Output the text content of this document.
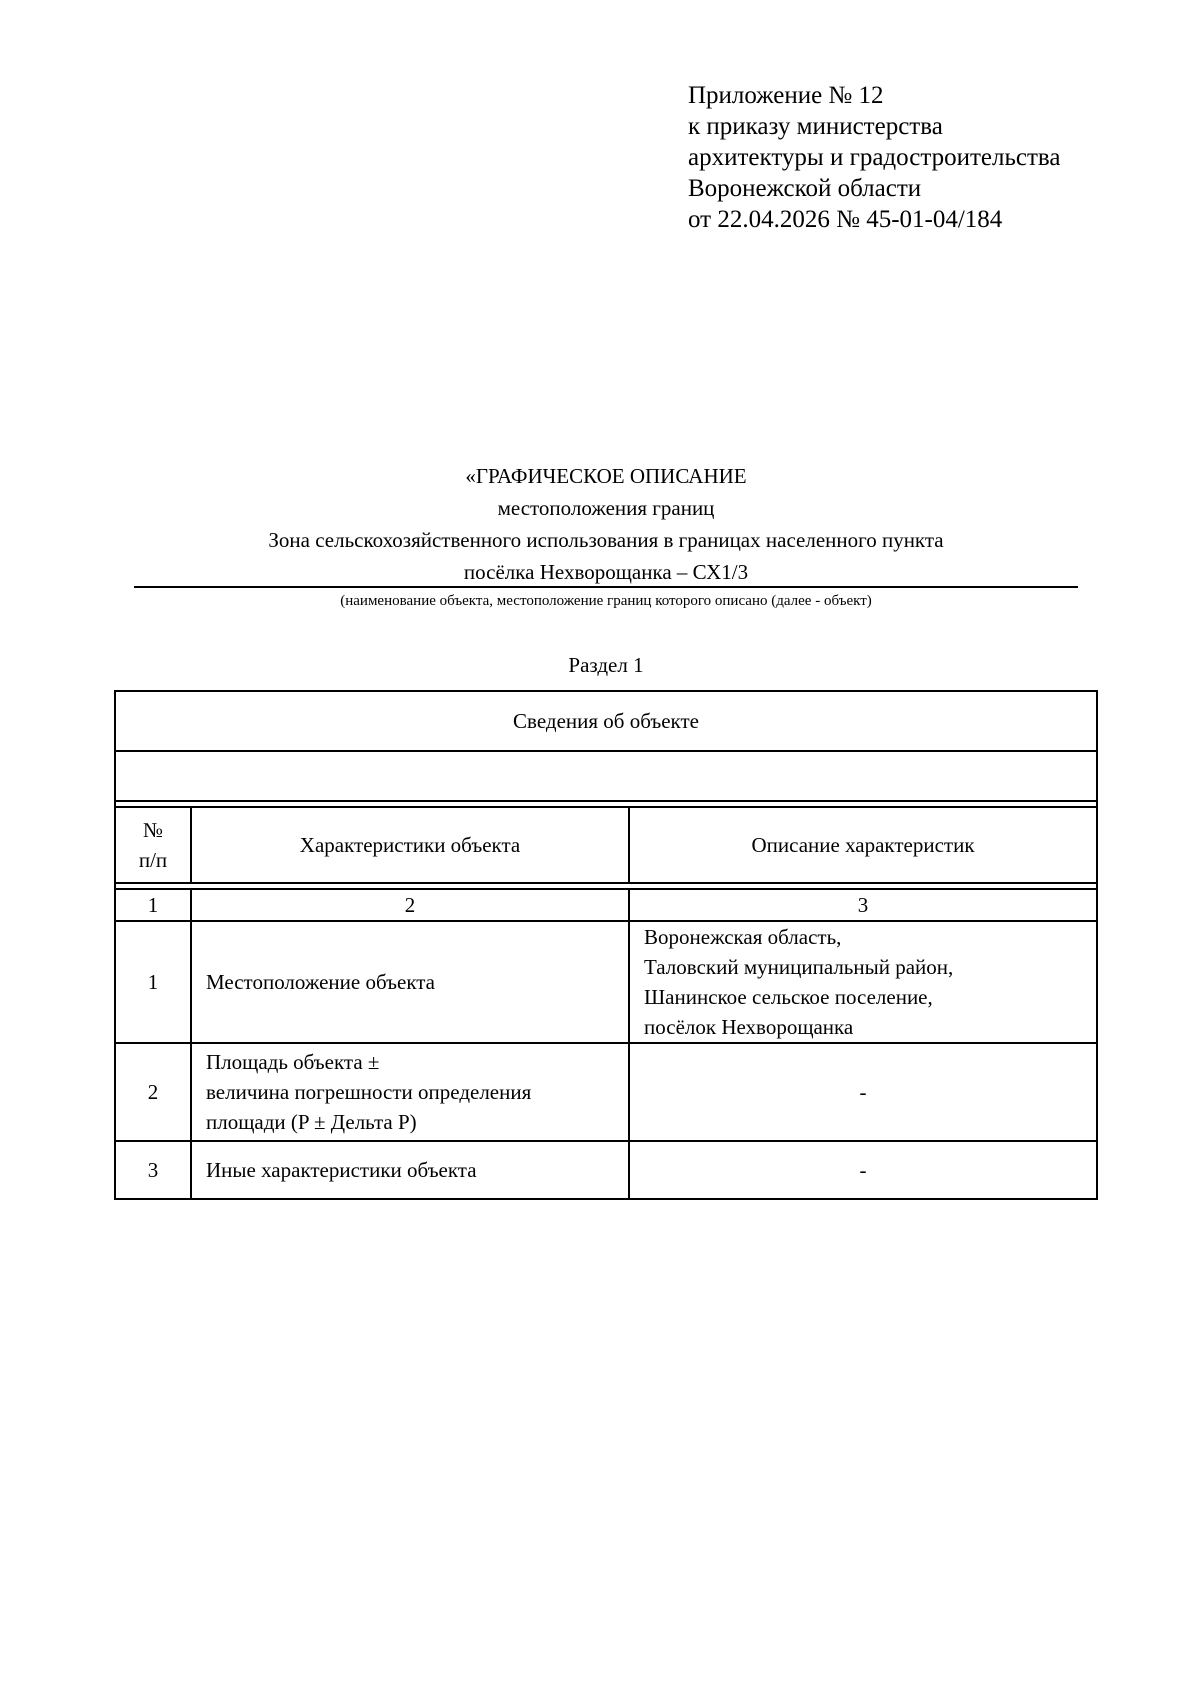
Приложение № 12
к приказу министерства
архитектуры и градостроительства
Воронежской области
от 22.04.2026 № 45-01-04/184
«ГРАФИЧЕСКОЕ ОПИСАНИЕ
местоположения границ
Зона сельскохозяйственного использования в границах населенного пункта
посёлка Нехворощанка – СХ1/3
(наименование объекта, местоположение границ которого описано (далее - объект)
Раздел 1
Сведения об объекте		

№
п/п	Характеристики объекта	Описание характеристик

1	2	3
1	Местоположение объекта	Воронежская область,
Таловский муниципальный район,
Шанинское сельское поселение,
посёлок Нехворощанка

2	Площадь объекта ±
величина погрешности определения
площади (P ± Дельта P)	-
3	Иные характеристики объекта	-
